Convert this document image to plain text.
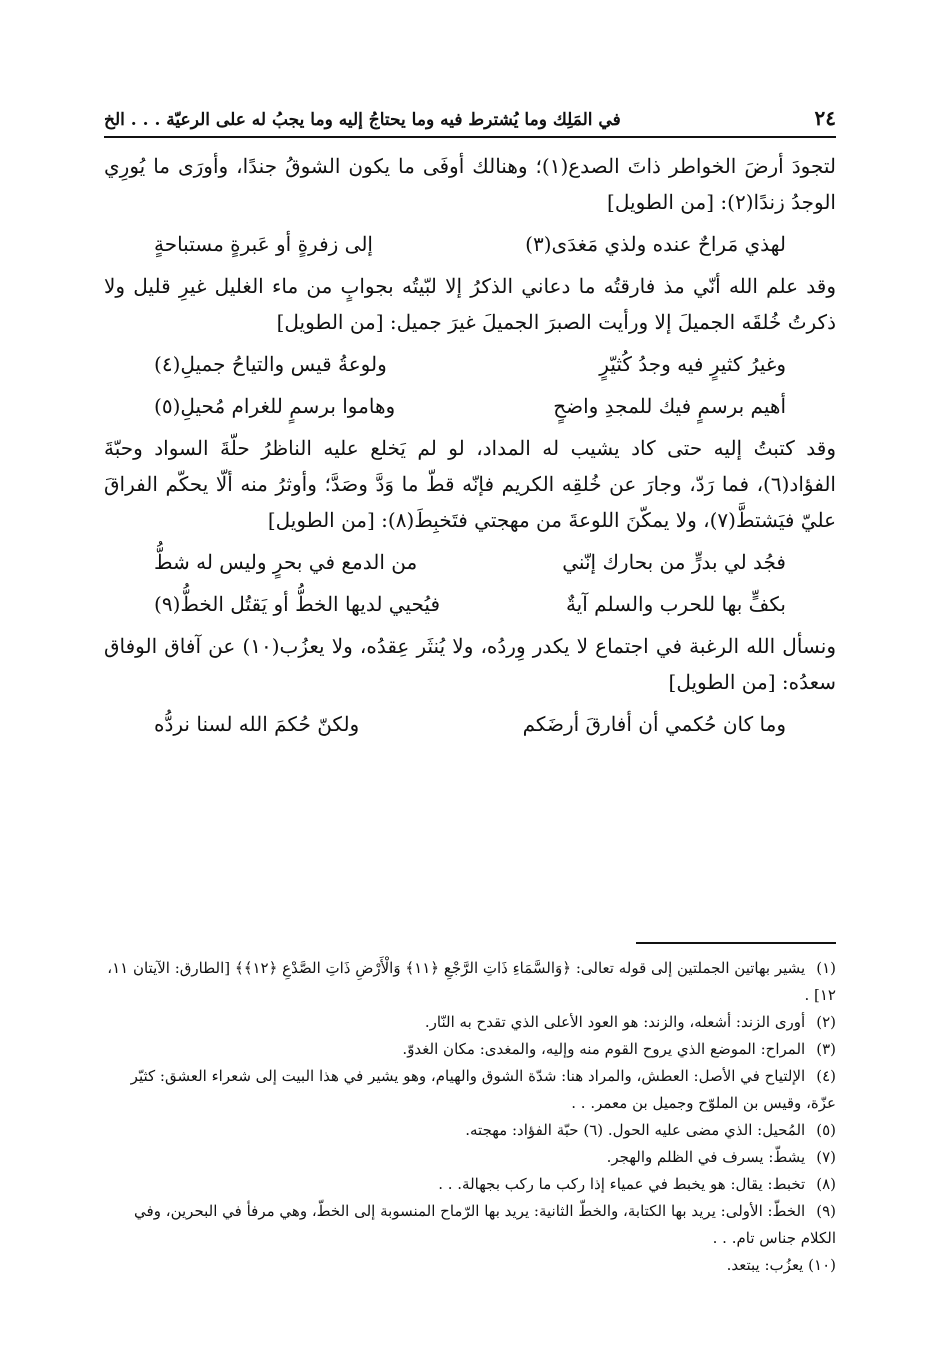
٢٤
في المَلِك وما يُشترط فيه وما يحتاجُ إليه وما يجبُ له على الرعيّة . . . الخ

لتجودَ أرضَ الخواطر ذاتَ الصدع(١)؛ وهنالك أوفَى ما يكون الشوقُ جندًا، وأورَى ما يُورِي الوجدُ زندًا(٢): [من الطويل]

لهذي مَراحٌ عنده ولذي مَغدَى(٣)
إلى زفرةٍ أو عَبرةٍ مستباحةٍ

وقد علم الله أنّي مذ فارقتُه ما دعاني الذكرُ إلا لبّيتُه بجوابٍ من ماء الغليل غيرِ قليل ولا ذكرتُ خُلقَه الجميلَ إلا ورأيت الصبرَ الجميلَ غيرَ جميل: [من الطويل]

وغيرُ كثيرٍ فيه وجدُ كُثيّرٍ
ولوعةُ قيس والتياحُ جميلِ(٤)
أهيم برسمٍ فيك للمجدِ واضحٍ
وهاموا برسمٍ للغرام مُحيلِ(٥)

وقد كتبتُ إليه حتى كاد يشيب له المداد، لو لم يَخلع عليه الناظرُ حلّةَ السواد وحبّةَ الفؤاد(٦)، فما رَدّ، وجارَ عن خُلقِه الكريم فإنّه قطّ ما وَدَّ وصَدَّ؛ وأوثرُ منه ألّا يحكّم الفراقَ عليّ فيَشتطَّ(٧)، ولا يمكّنَ اللوعةَ من مهجتي فتَخبِطَ(٨): [من الطويل]

فجُد لي بدرٍّ من بحارك إنّني
من الدمع في بحرٍ وليس له شطُّ
بكفٍّ بها للحرب والسلم آيةٌ
فيُحيي لديها الخطُّ أو يَقتُل الخطُّ(٩)

ونسأل الله الرغبة في اجتماع لا يكدر وِردُه، ولا يُنثَر عِقدُه، ولا يعزُب(١٠) عن آفاق الوفاق سعدُه: [من الطويل]

وما كان حُكمي أن أفارقَ أرضَكم
ولكنّ حُكمَ الله لسنا نردُّه

(١) يشير بهاتين الجملتين إلى قوله تعالى: ﴿وَالسَّمَاءِ ذَاتِ الرَّجْعِ ﴿١١﴾ وَالْأَرْضِ ذَاتِ الصَّدْعِ ﴿١٢﴾﴾ [الطارق: الآيتان ١١، ١٢] .

(٢) أورى الزند: أشعله، والزند: هو العود الأعلى الذي تقدح به النّار.

(٣) المراح: الموضع الذي يروح القوم منه وإليه، والمغدى: مكان الغدوّ.

(٤) الإلتياح في الأصل: العطش، والمراد هنا: شدّة الشوق والهيام، وهو يشير في هذا البيت إلى شعراء العشق: كثيّر عزّة، وقيس بن الملوّح وجميل بن معمر. . .

(٥) المُحيل: الذي مضى عليه الحول. (٦) حبّة الفؤاد: مهجته.

(٧) يشطّ: يسرف في الظلم والهجر.

(٨) تخبط: يقال: هو يخبط في عمياء إذا ركب ما ركب بجهالة. . .

(٩) الخطّ: الأولى: يريد بها الكتابة، والخطّ الثانية: يريد بها الرّماح المنسوبة إلى الخطّ، وهي مرفأ في البحرين، وفي الكلام جناس تام. . .

(١٠) يعزُب: يبتعد.
